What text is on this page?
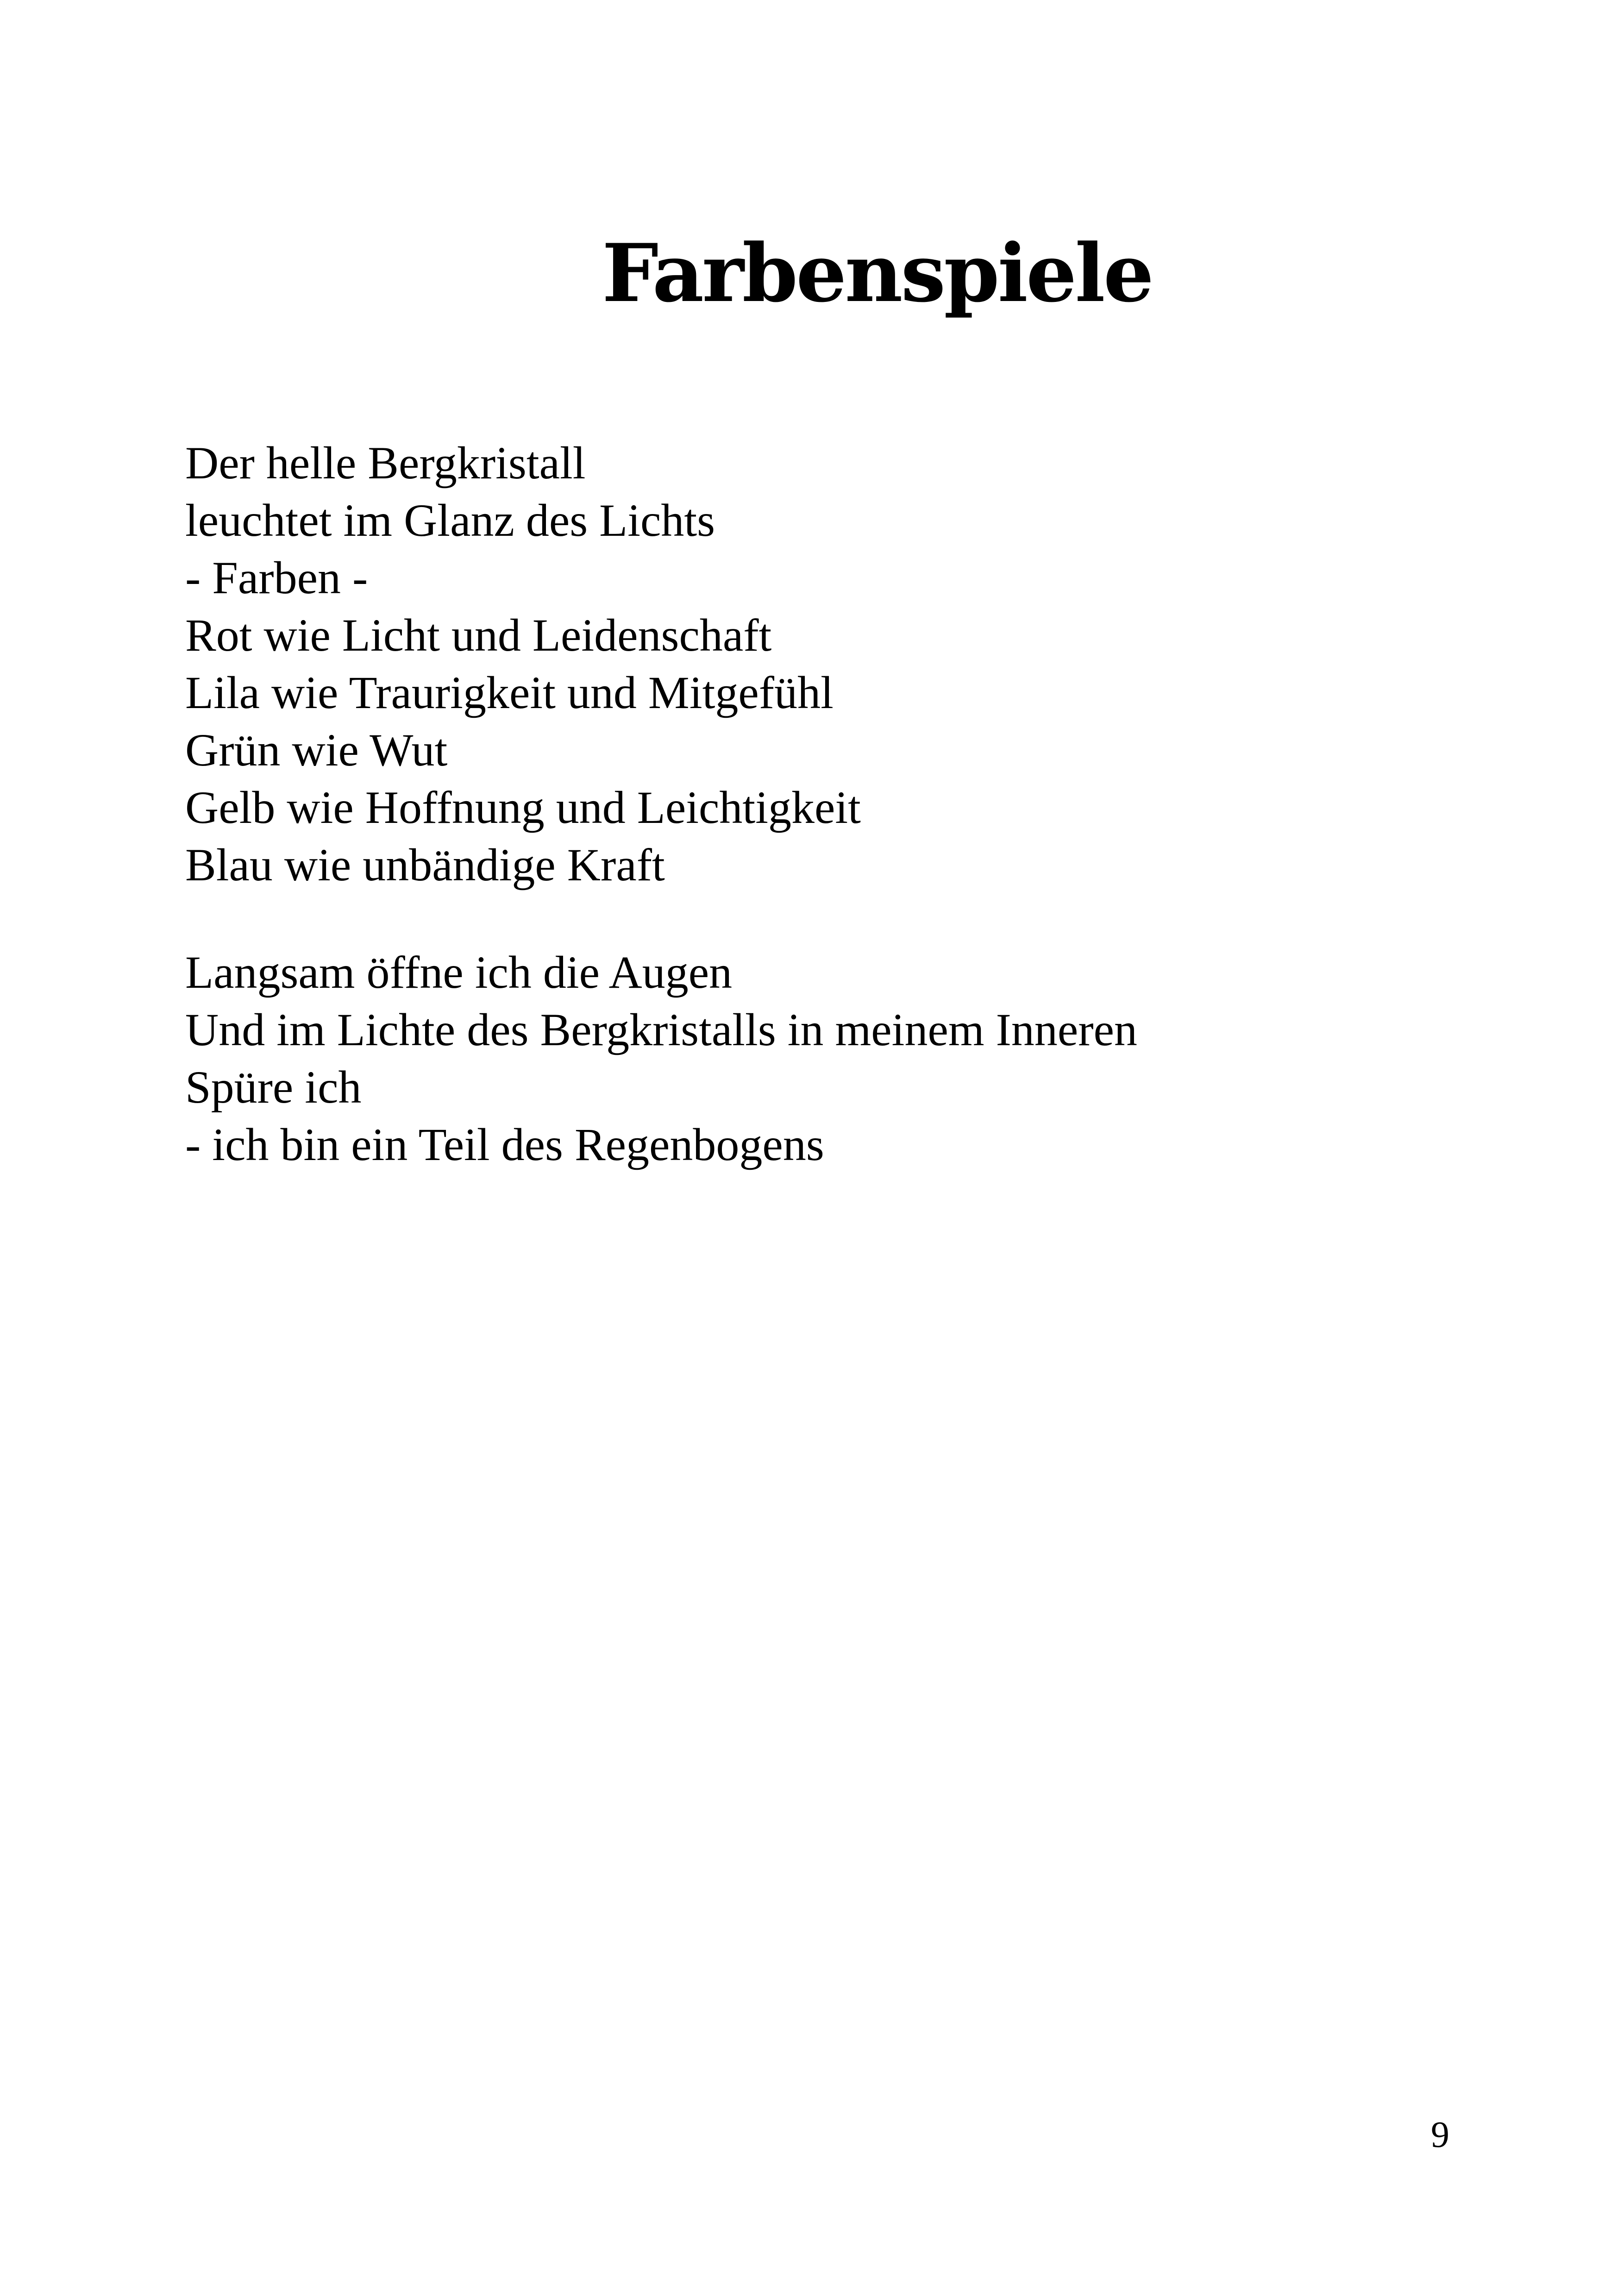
Farbenspiele
Der helle Bergkristall
leuchtet im Glanz des Lichts
- Farben -
Rot wie Licht und Leidenschaft
Lila wie Traurigkeit und Mitgefühl
Grün wie Wut
Gelb wie Hoffnung und Leichtigkeit
Blau wie unbändige Kraft
Langsam öffne ich die Augen
Und im Lichte des Bergkristalls in meinem Inneren
Spüre ich
- ich bin ein Teil des Regenbogens
9
